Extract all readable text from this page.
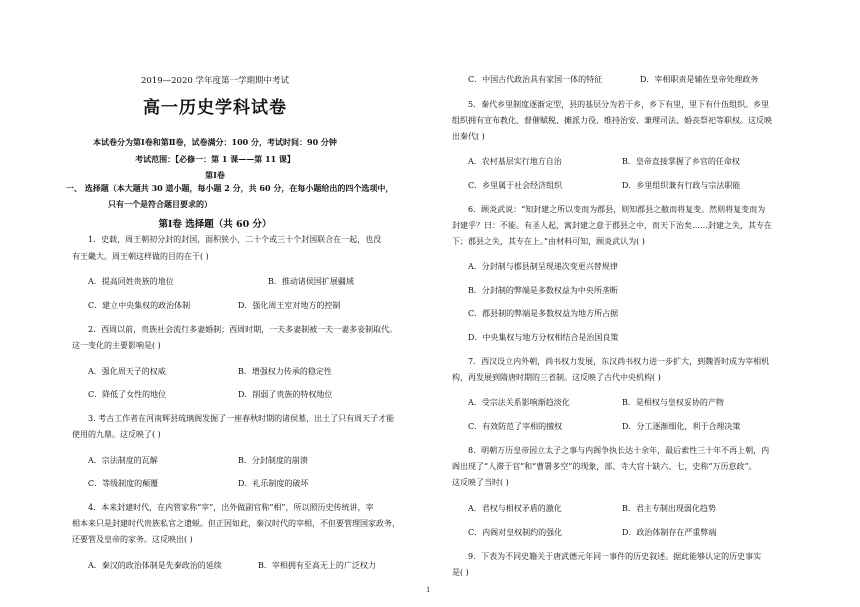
2019—2020 学年度第一学期期中考试
高一历史学科试卷
本试卷分为第Ⅰ卷和第Ⅱ卷，试卷满分：100 分，考试时间：90 分钟
考试范围：【必修一：第 1 课——第 11 课】
第Ⅰ卷
一、 选择题（本大题共 30 道小题，每小题 2 分，共 60 分，在每小题给出的四个选项中，
只有一个是符合题目要求的）
第Ⅰ卷 选择题（共 60 分）
1．史载，周王朝初分封的封国，面积狭小，二十个或三十个封国联合在一起，也没
有王畿大。周王朝这样做的目的在于( )
A．提高同姓贵族的地位	B．推动诸侯国扩展疆域
C．建立中央集权的政治体制	D．强化周王室对地方的控制
2．西周以前，贵族社会流行多妻婚制；西周时期，一夫多妻制被一夫一妻多妾制取代。
这一变化的主要影响是( )
A．强化周天子的权威	B．增强权力传承的稳定性
C．降低了女性的地位	D．削弱了贵族的特权地位
3. 考古工作者在河南辉县琉璃阁发掘了一座春秋时期的诸侯墓，出土了只有周天子才能
使用的九鼎。这反映了( )
A．宗法制度的瓦解	B．分封制度的崩溃
C．等级制度的颠覆	D．礼乐制度的破坏
4．本来封建时代，在内管家称“宰”，出外做副官称“相”，所以照历史传统讲，宰
相本来只是封建时代贵族私官之遗蜕。但正因如此，秦汉时代的宰相，不但要管理国家政务，
还要管及皇帝的家务。这反映出( )
A．秦汉的政治体制是先秦政治的延续	B．宰相拥有至高无上的广泛权力
C．中国古代政治具有家国一体的特征	D．宰相职责是辅佐皇帝处理政务
5．秦代乡里制度逐渐定型，县的基层分为若干乡，乡下有里，里下有什伍组织。乡里
组织拥有宣布教化、督催赋税、摊派力役、维持治安、兼理司法、婚丧祭祀等职权。这反映
出秦代( )
A．农村基层实行地方自治	B．皇帝直接掌握了乡官的任命权
C．乡里属于社会经济组织	D．乡里组织兼有行政与宗法职能
6．顾炎武说：“知封建之所以变而为郡县，则知郡县之敝而将复变。然则将复变而为
封建乎？曰：不能。有圣人起，寓封建之意于郡县之中，而天下治矣……封建之失，其专在
下；郡县之失，其专在上。”由材料可知，顾炎武认为( )
A．分封制与郡县制呈现递次变更兴替规律
B．分封制的弊端是多数权益为中央所垄断
C．郡县制的弊端是多数权益为地方所占据
D．中央集权与地方分权相结合是治国良策
7．西汉设立内外朝，尚书权力发展，东汉尚书权力进一步扩大，到魏晋时成为宰相机
构，再发展到隋唐时期的三省制。这反映了古代中央机构( )
A．受宗法关系影响渐趋淡化	B．是相权与皇权妥协的产物
C．有效防范了宰相的擅权	D．分工逐渐细化，利于合理决策
8．明朝万历皇帝因立太子之事与内阁争执长达十余年，最后索性三十年不再上朝，内
阁出现了“人滞于官”和“曹署多空”的现象，部、寺大官十缺六、七，史称“万历怠政”。
这反映了当时( )
A．君权与相权矛盾的激化	B．君主专制出现弱化趋势
C．内阁对皇权制约的强化	D．政治体制存在严重弊端
9．下表为不同史籍关于唐武德元年同一事件的历史叙述。据此能够认定的历史事实
是( )
1
